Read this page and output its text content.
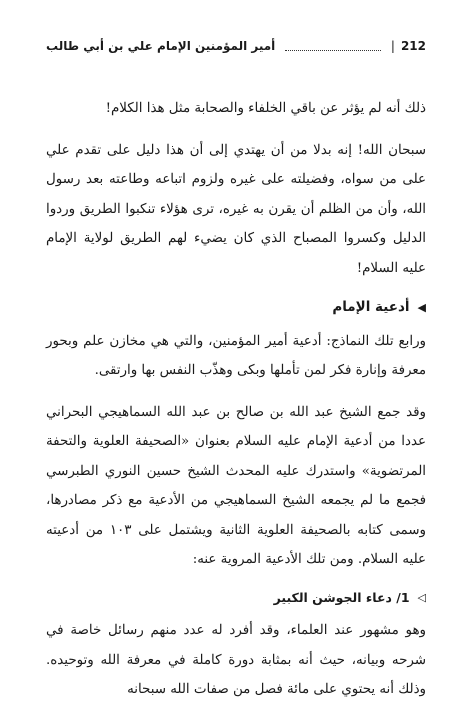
212
|
أمير المؤمنين الإمام علي بن أبي طالب

ذلك أنه لم يؤثر عن باقي الخلفاء والصحابة مثل هذا الكلام!

سبحان الله! إنه بدلا من أن يهتدي إلى أن هذا دليل على تقدم علي على من سواه، وفضيلته على غيره ولزوم اتباعه وطاعته بعد رسول الله، وأن من الظلم أن يقرن به غيره، ترى هؤلاء تنكبوا الطريق وردوا الدليل وكسروا المصباح الذي كان يضيء لهم الطريق لولاية الإمام عليه السلام!

◀
أدعية الإمام

ورابع تلك النماذج: أدعية أمير المؤمنين، والتي هي مخازن علم وبحور معرفة وإنارة فكر لمن تأملها وبكى وهذّب النفس بها وارتقى.

وقد جمع الشيخ عبد الله بن صالح بن عبد الله السماهيجي البحراني عددا من أدعية الإمام عليه السلام بعنوان «الصحيفة العلوية والتحفة المرتضوية» واستدرك عليه المحدث الشيخ حسين النوري الطبرسي فجمع ما لم يجمعه الشيخ السماهيجي من الأدعية مع ذكر مصادرها، وسمى كتابه بالصحيفة العلوية الثانية ويشتمل على ١٠٣ من أدعيته عليه السلام. ومن تلك الأدعية المروية عنه:

◁
1/ دعاء الجوشن الكبير

وهو مشهور عند العلماء، وقد أفرد له عدد منهم رسائل خاصة في شرحه وبيانه، حيث أنه بمثابة دورة كاملة في معرفة الله وتوحيده. وذلك أنه يحتوي على مائة فصل من صفات الله سبحانه
